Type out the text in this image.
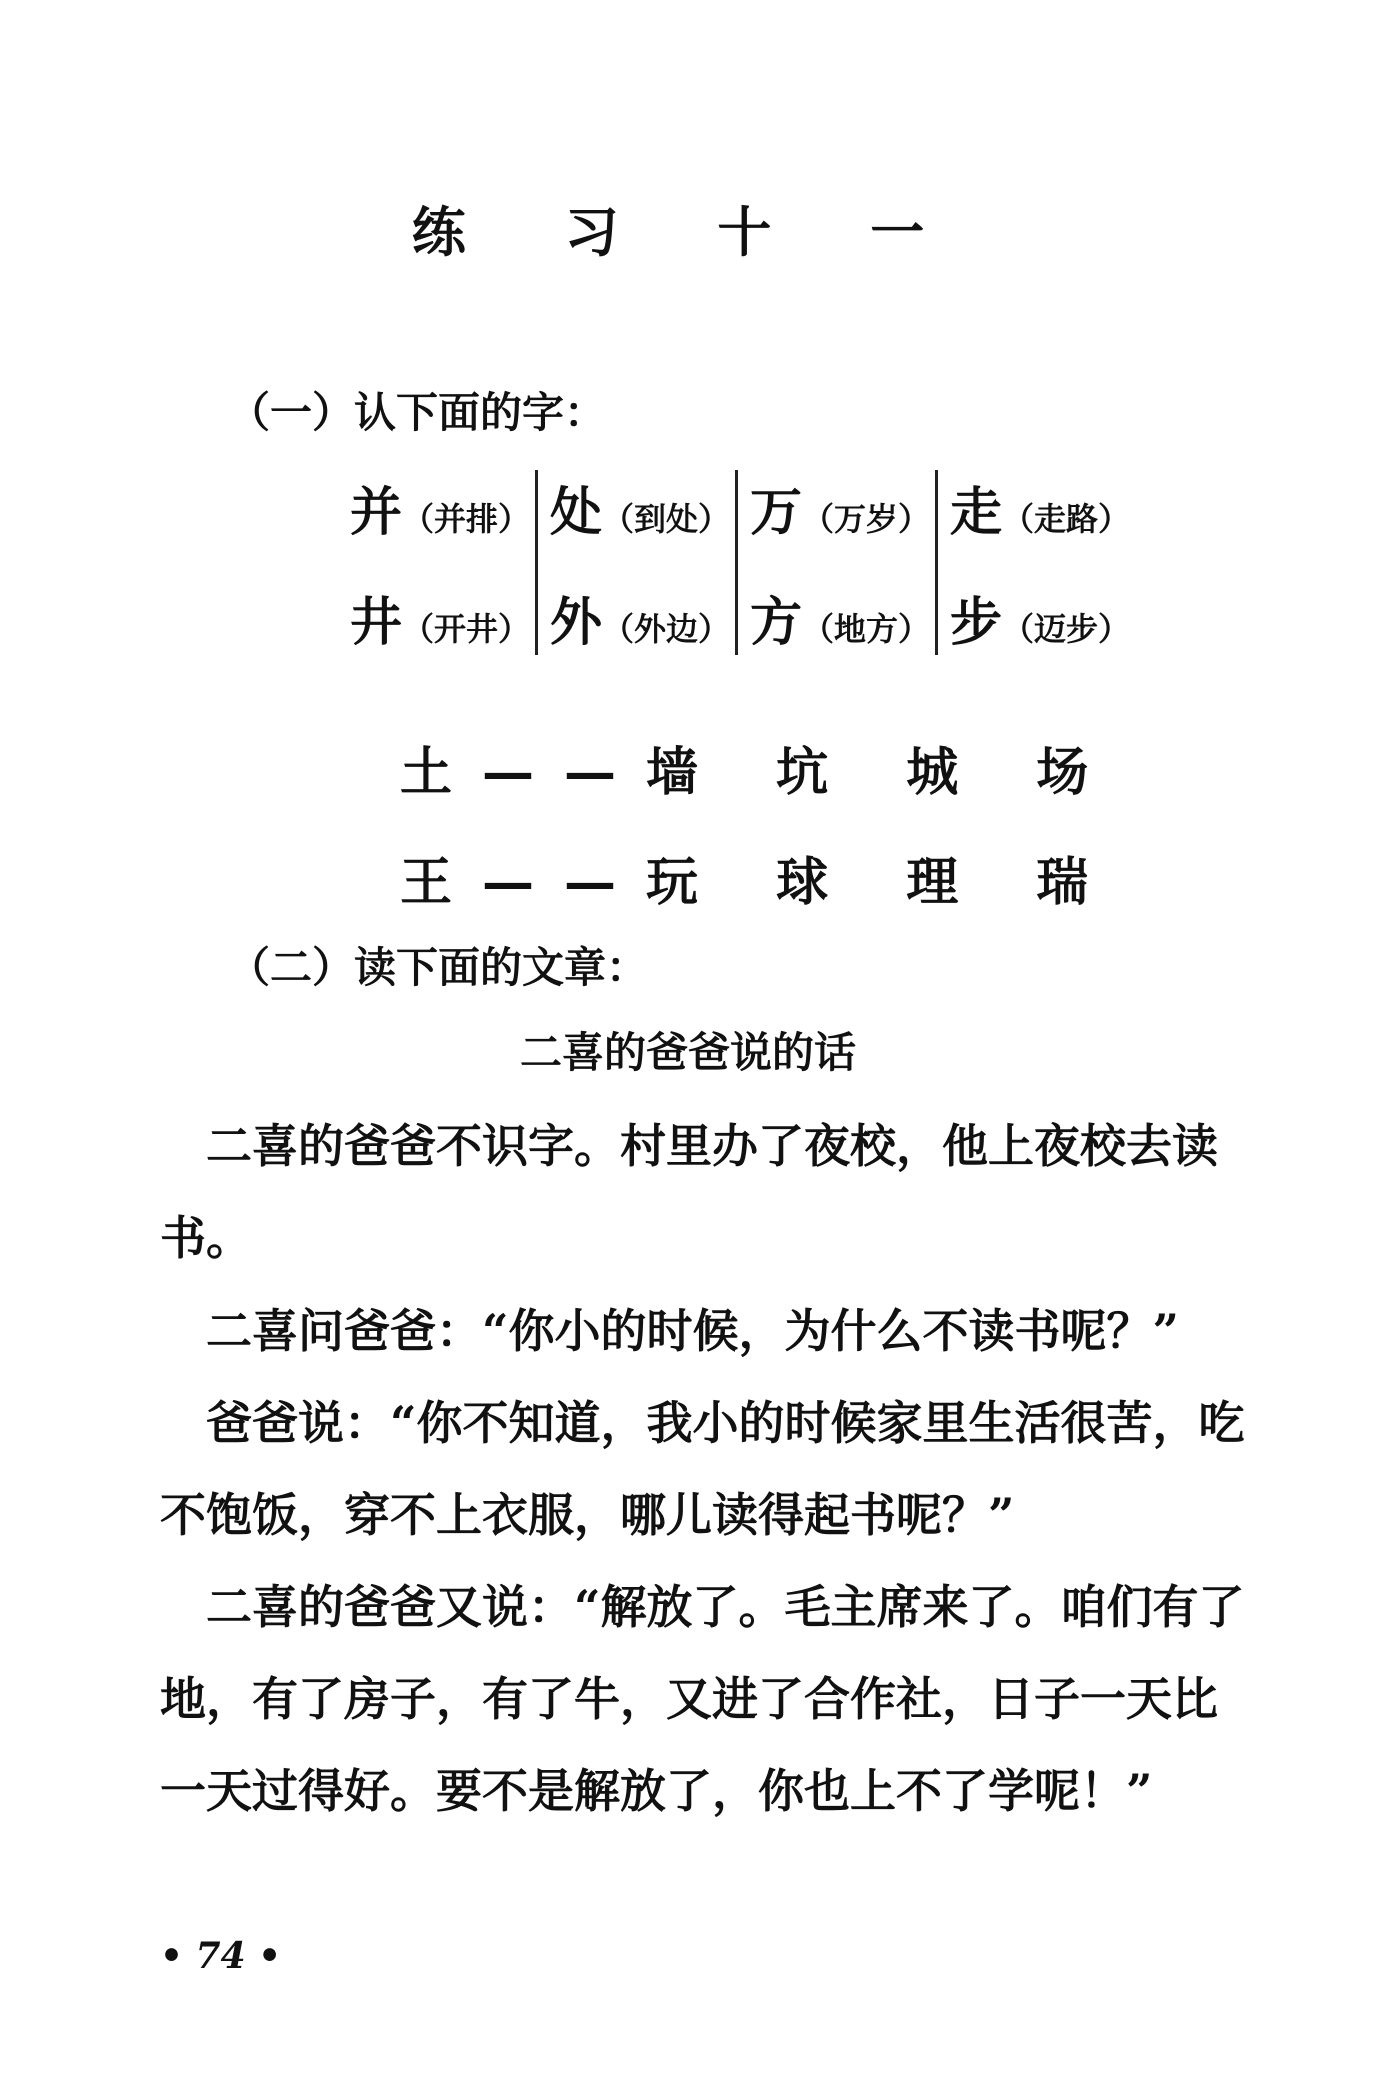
练 习 十 一
（一）认下面的字：
并（并排）
井（开井）
处（到处）
外（外边）
万（万岁）
方（地方）
走（走路）
步（迈步）
土——墙 坑 城 场
王——玩 球 理 瑞
（二）读下面的文章：
二喜的爸爸说的话
二喜的爸爸不识字。村里办了夜校，他上夜校去读书。
二喜问爸爸：“你小的时候，为什么不读书呢？”
爸爸说：“你不知道，我小的时候家里生活很苦，吃不饱饭，穿不上衣服，哪儿读得起书呢？”
二喜的爸爸又说：“解放了。毛主席来了。咱们有了地，有了房子，有了牛，又进了合作社，日子一天比一天过得好。要不是解放了，你也上不了学呢！”
• 74 •
